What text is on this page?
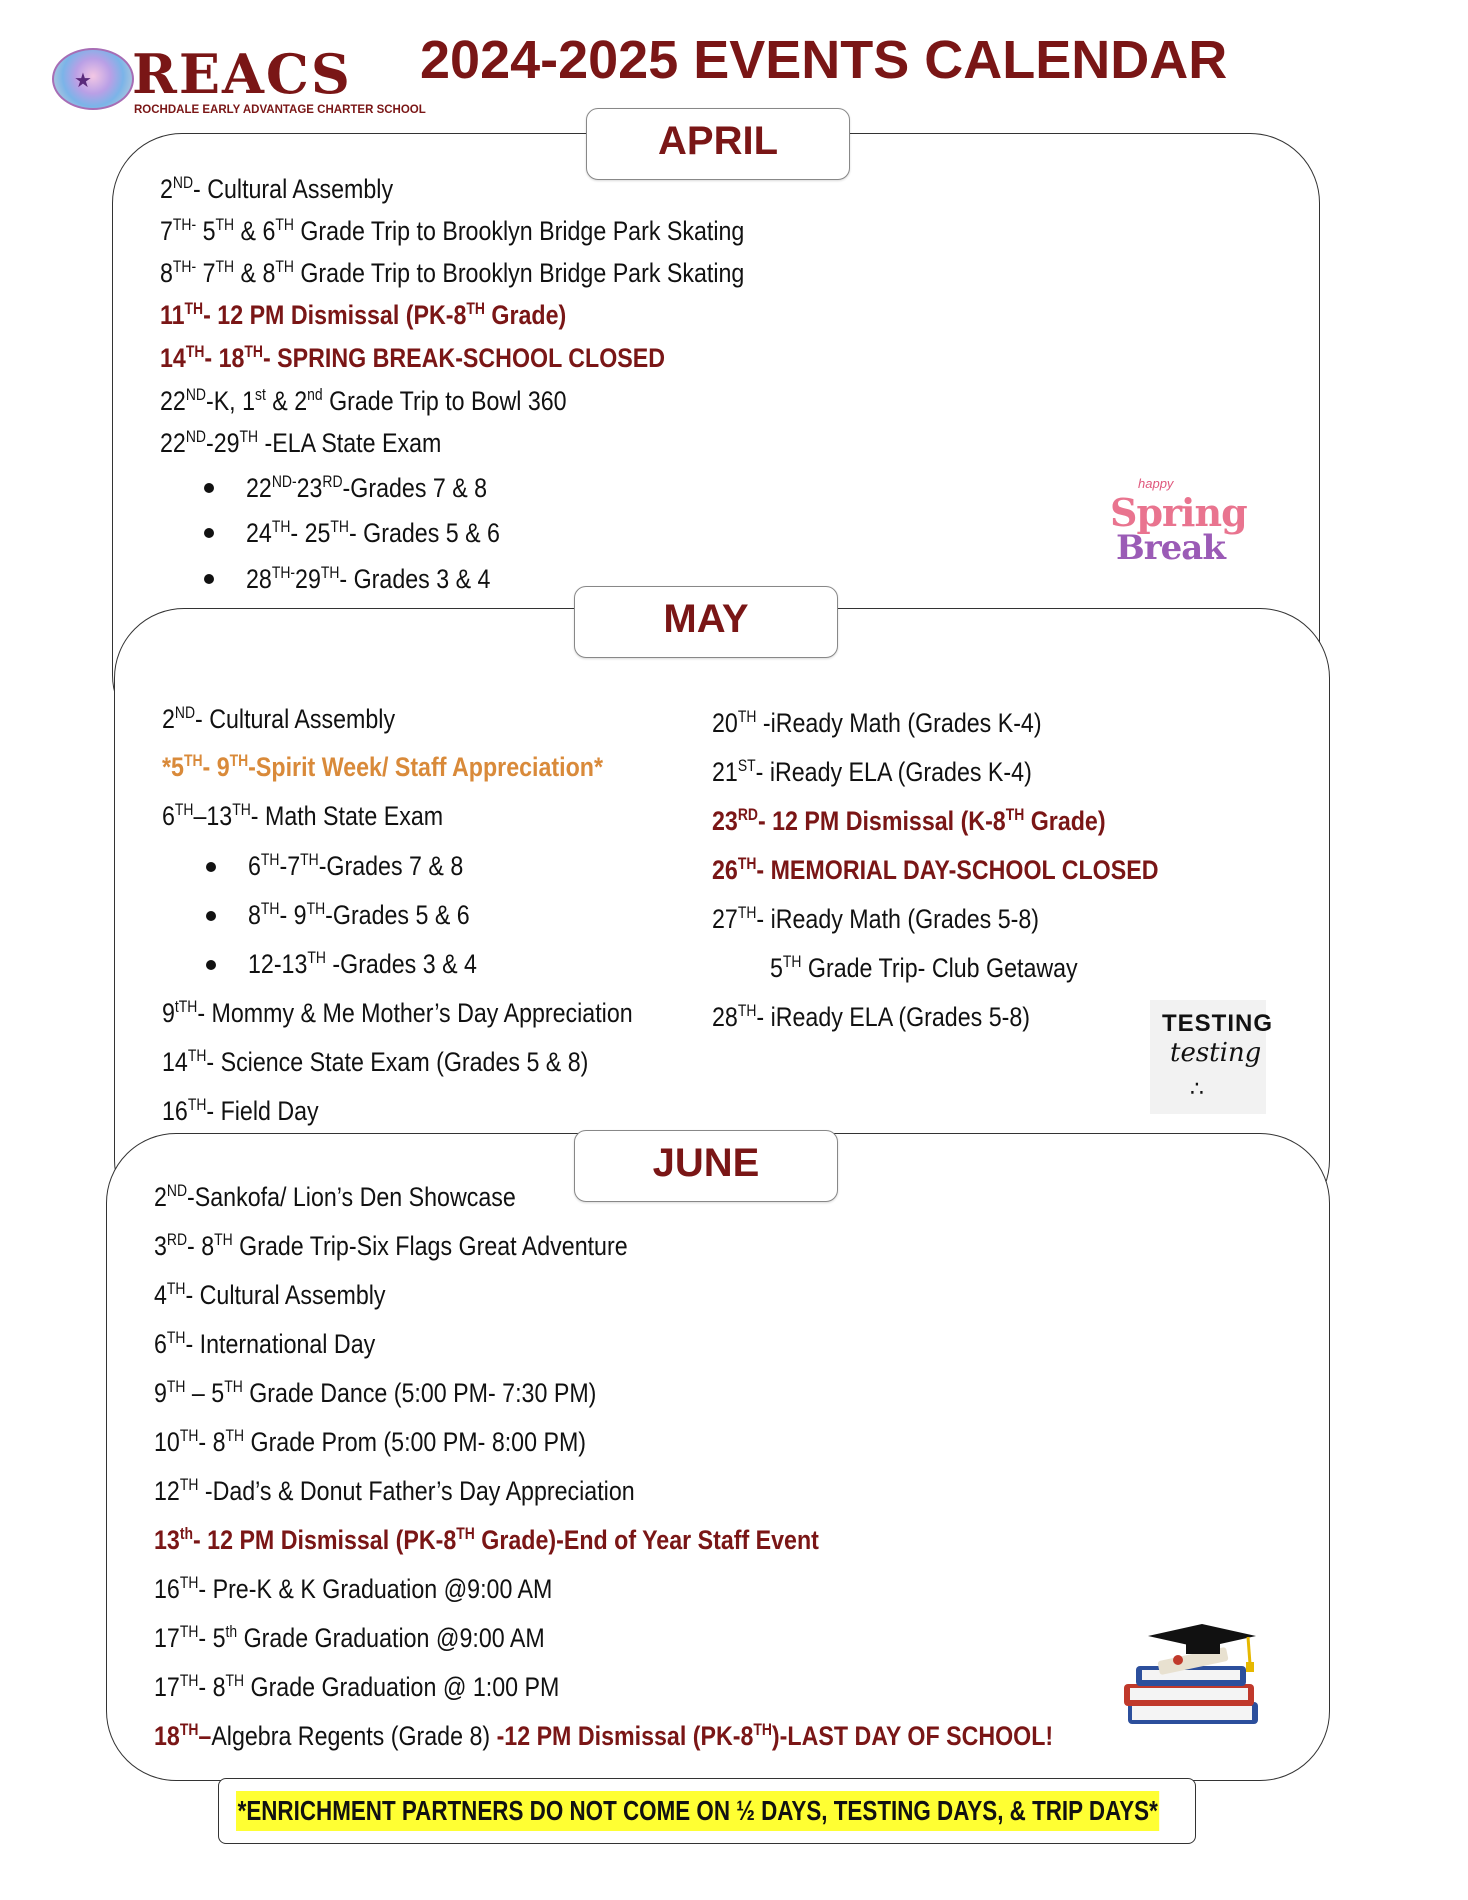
★ REACS
ROCHDALE EARLY ADVANTAGE CHARTER SCHOOL
2024-2025 EVENTS CALENDAR
APRIL
MAY
JUNE
2ND- Cultural Assembly
$7^{TH-}$ 5TH & 6TH Grade Trip to Brooklyn Bridge Park Skating
$8^{TH-}$ 7TH & 8TH Grade Trip to Brooklyn Bridge Park Skating
11TH- 12 PM Dismissal (PK-8TH Grade)
14TH- 18TH- SPRING BREAK-SCHOOL CLOSED
22ND-K, 1st & 2nd Grade Trip to Bowl 360
22ND-29TH -ELA State Exam
$22^{ND-}23RD$-Grades 7 & 8
24TH- 25TH- Grades 5 & 6
$28^{TH-}29TH-$ Grades 3 & 4
happy
Spring
Break
2ND- Cultural Assembly
*5TH- 9TH-Spirit Week/ Staff Appreciation*
6TH–13TH- Math State Exam
6TH-7TH-Grades 7 & 8
8TH- 9TH-Grades 5 & 6
12-13TH -Grades 3 & 4
$9^{tTH}-$ Mommy & Me Mother’s Day Appreciation
14TH- Science State Exam (Grades 5 & 8)
16TH- Field Day
20TH -iReady Math (Grades K-4)
21ST- iReady ELA (Grades K-4)
23RD- 12 PM Dismissal (K-8TH Grade)
26TH- MEMORIAL DAY-SCHOOL CLOSED
27TH- iReady Math (Grades 5-8)
5TH Grade Trip- Club Getaway
28TH- iReady ELA (Grades 5-8)	TESTING
testing
∴
2ND-Sankofa/ Lion’s Den Showcase
3RD- 8TH Grade Trip-Six Flags Great Adventure
4TH- Cultural Assembly
6TH- International Day
9TH – 5TH Grade Dance (5:00 PM- 7:30 PM)
10TH- 8TH Grade Prom (5:00 PM- 8:00 PM)
12TH -Dad’s & Donut Father’s Day Appreciation
13th- 12 PM Dismissal (PK-8TH Grade)-End of Year Staff Event
16TH- Pre-K & K Graduation @9:00 AM
17TH- 5th Grade Graduation @9:00 AM
17TH- 8TH Grade Graduation @ 1:00 PM
18TH–Algebra Regents (Grade 8) -12 PM Dismissal (PK-8TH)-LAST DAY OF SCHOOL!
*ENRICHMENT PARTNERS DO NOT COME ON ½ DAYS, TESTING DAYS, & TRIP DAYS*
